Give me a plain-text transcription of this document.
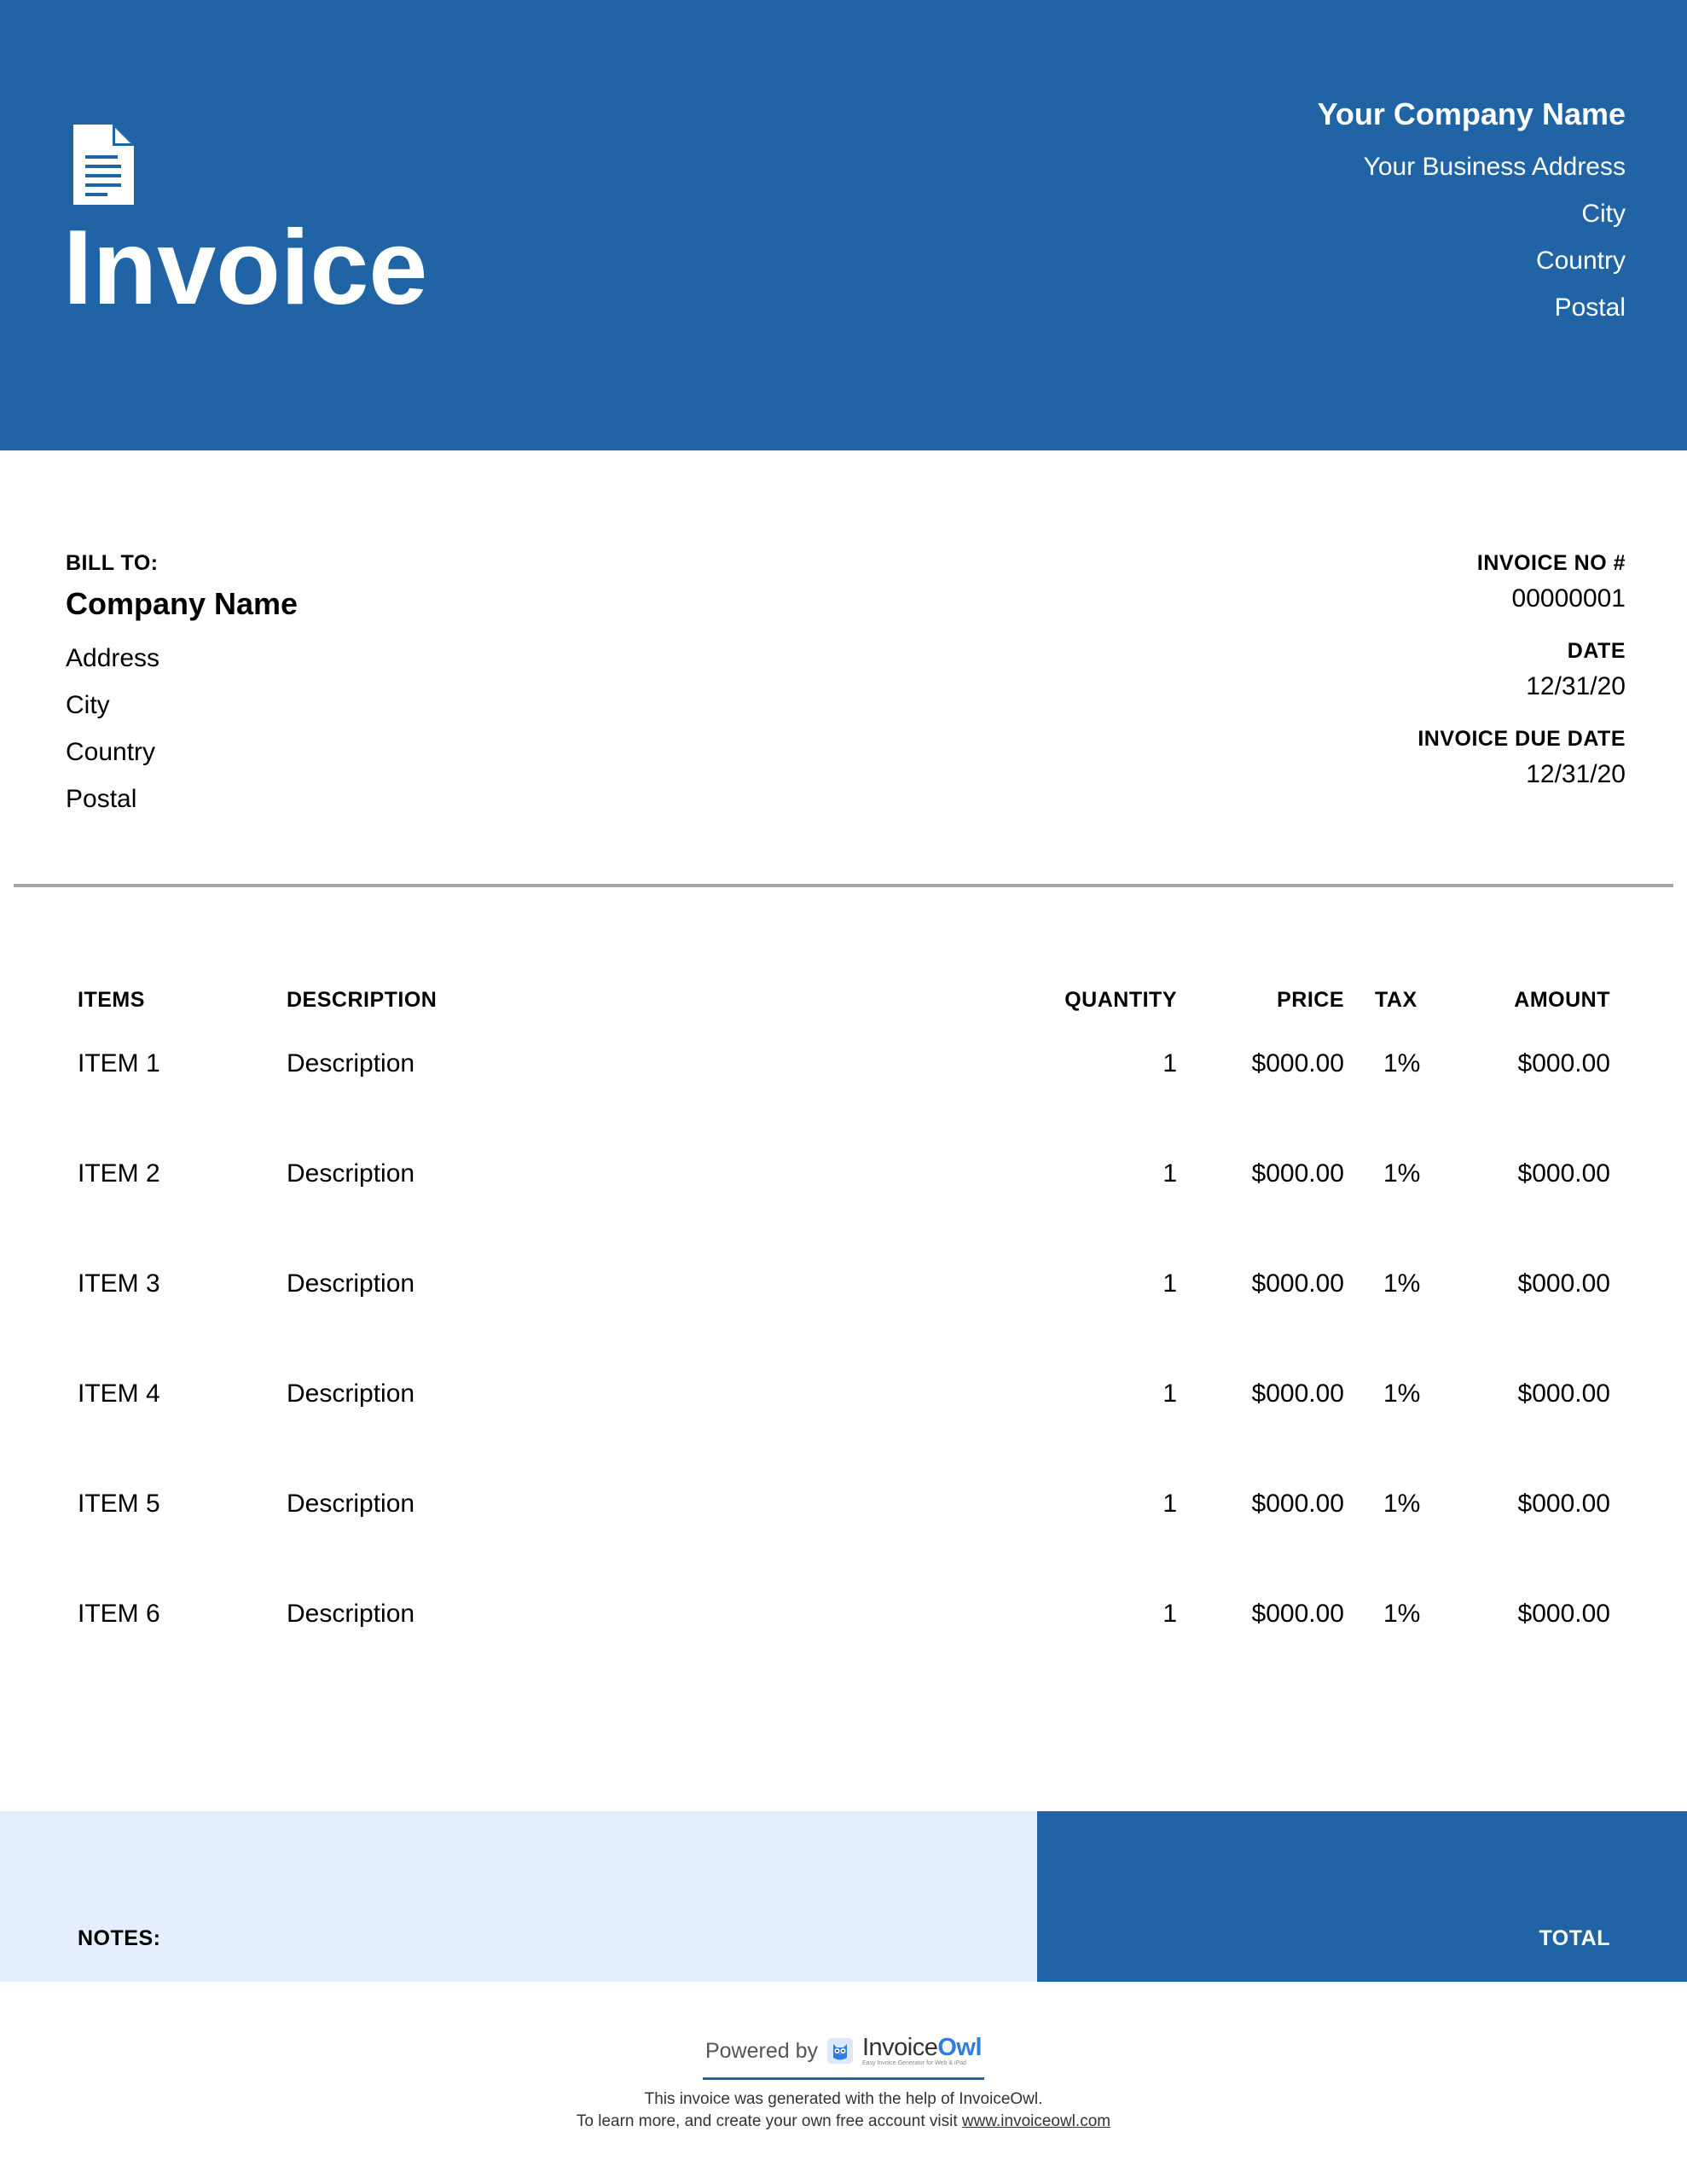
Invoice
Your Company Name
Your Business Address
City
Country
Postal
BILL TO:
Company Name
Address
City
Country
Postal
INVOICE NO #
00000001
DATE
12/31/20
INVOICE DUE DATE
12/31/20
ITEMS	DESCRIPTION	QUANTITY	PRICE TAX	AMOUNT
ITEM 1	Description	1	$000.00 1%	$000.00
ITEM 2	Description	1	$000.00 1%	$000.00
ITEM 3	Description	1	$000.00 1%	$000.00
ITEM 4	Description	1	$000.00 1%	$000.00
ITEM 5	Description	1	$000.00 1%	$000.00
ITEM 6	Description	1	$000.00 1%	$000.00
NOTES:	TOTAL
Powered by InvoiceOwl
Easy Invoice Generator for Web & iPad
This invoice was generated with the help of InvoiceOwl.
To learn more, and create your own free account visit www.invoiceowl.com
